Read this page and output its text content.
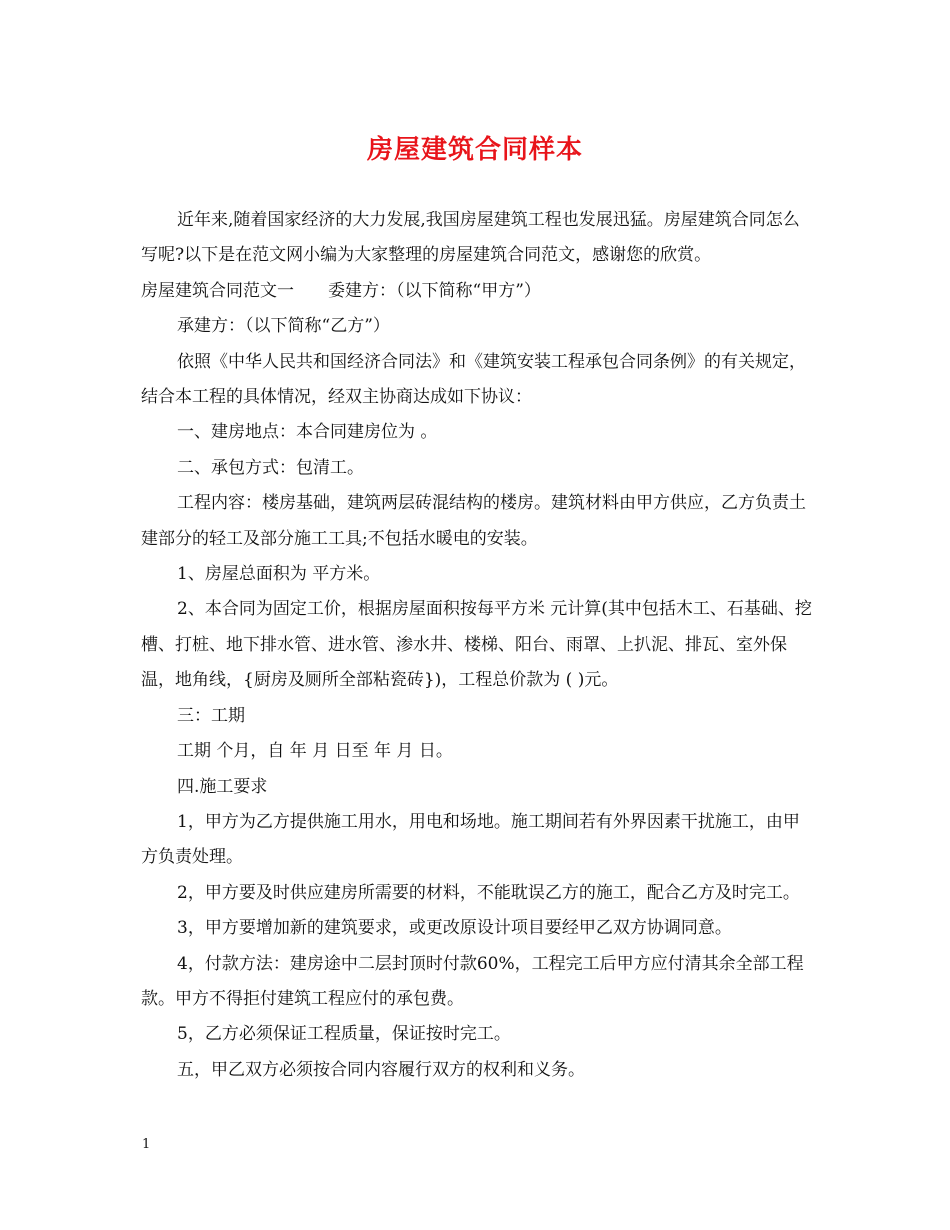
房屋建筑合同样本

近年来,随着国家经济的大力发展,我国房屋建筑工程也发展迅猛。房屋建筑合同怎么写呢?以下是在范文网小编为大家整理的房屋建筑合同范文，感谢您的欣赏。

房屋建筑合同范文一　　委建方：（以下简称“甲方”）

承建方：（以下简称“乙方”）

依照《中华人民共和国经济合同法》和《建筑安装工程承包合同条例》的有关规定，结合本工程的具体情况，经双主协商达成如下协议：

一、建房地点：本合同建房位为 。

二、承包方式：包清工。

工程内容：楼房基础，建筑两层砖混结构的楼房。建筑材料由甲方供应，乙方负责土建部分的轻工及部分施工工具;不包括水暖电的安装。

1、房屋总面积为 平方米。

2、本合同为固定工价，根据房屋面积按每平方米 元计算(其中包括木工、石基础、挖槽、打桩、地下排水管、进水管、渗水井、楼梯、阳台、雨罩、上扒泥、排瓦、室外保温，地角线，{厨房及厕所全部粘瓷砖})，工程总价款为 ( )元。

三：工期

工期 个月，自 年 月 日至 年 月 日。

四.施工要求

1，甲方为乙方提供施工用水，用电和场地。施工期间若有外界因素干扰施工，由甲方负责处理。

2，甲方要及时供应建房所需要的材料，不能耽误乙方的施工，配合乙方及时完工。

3，甲方要增加新的建筑要求，或更改原设计项目要经甲乙双方协调同意。

4，付款方法：建房途中二层封顶时付款60%，工程完工后甲方应付清其余全部工程款。甲方不得拒付建筑工程应付的承包费。

5，乙方必须保证工程质量，保证按时完工。

五，甲乙双方必须按合同内容履行双方的权利和义务。

1
